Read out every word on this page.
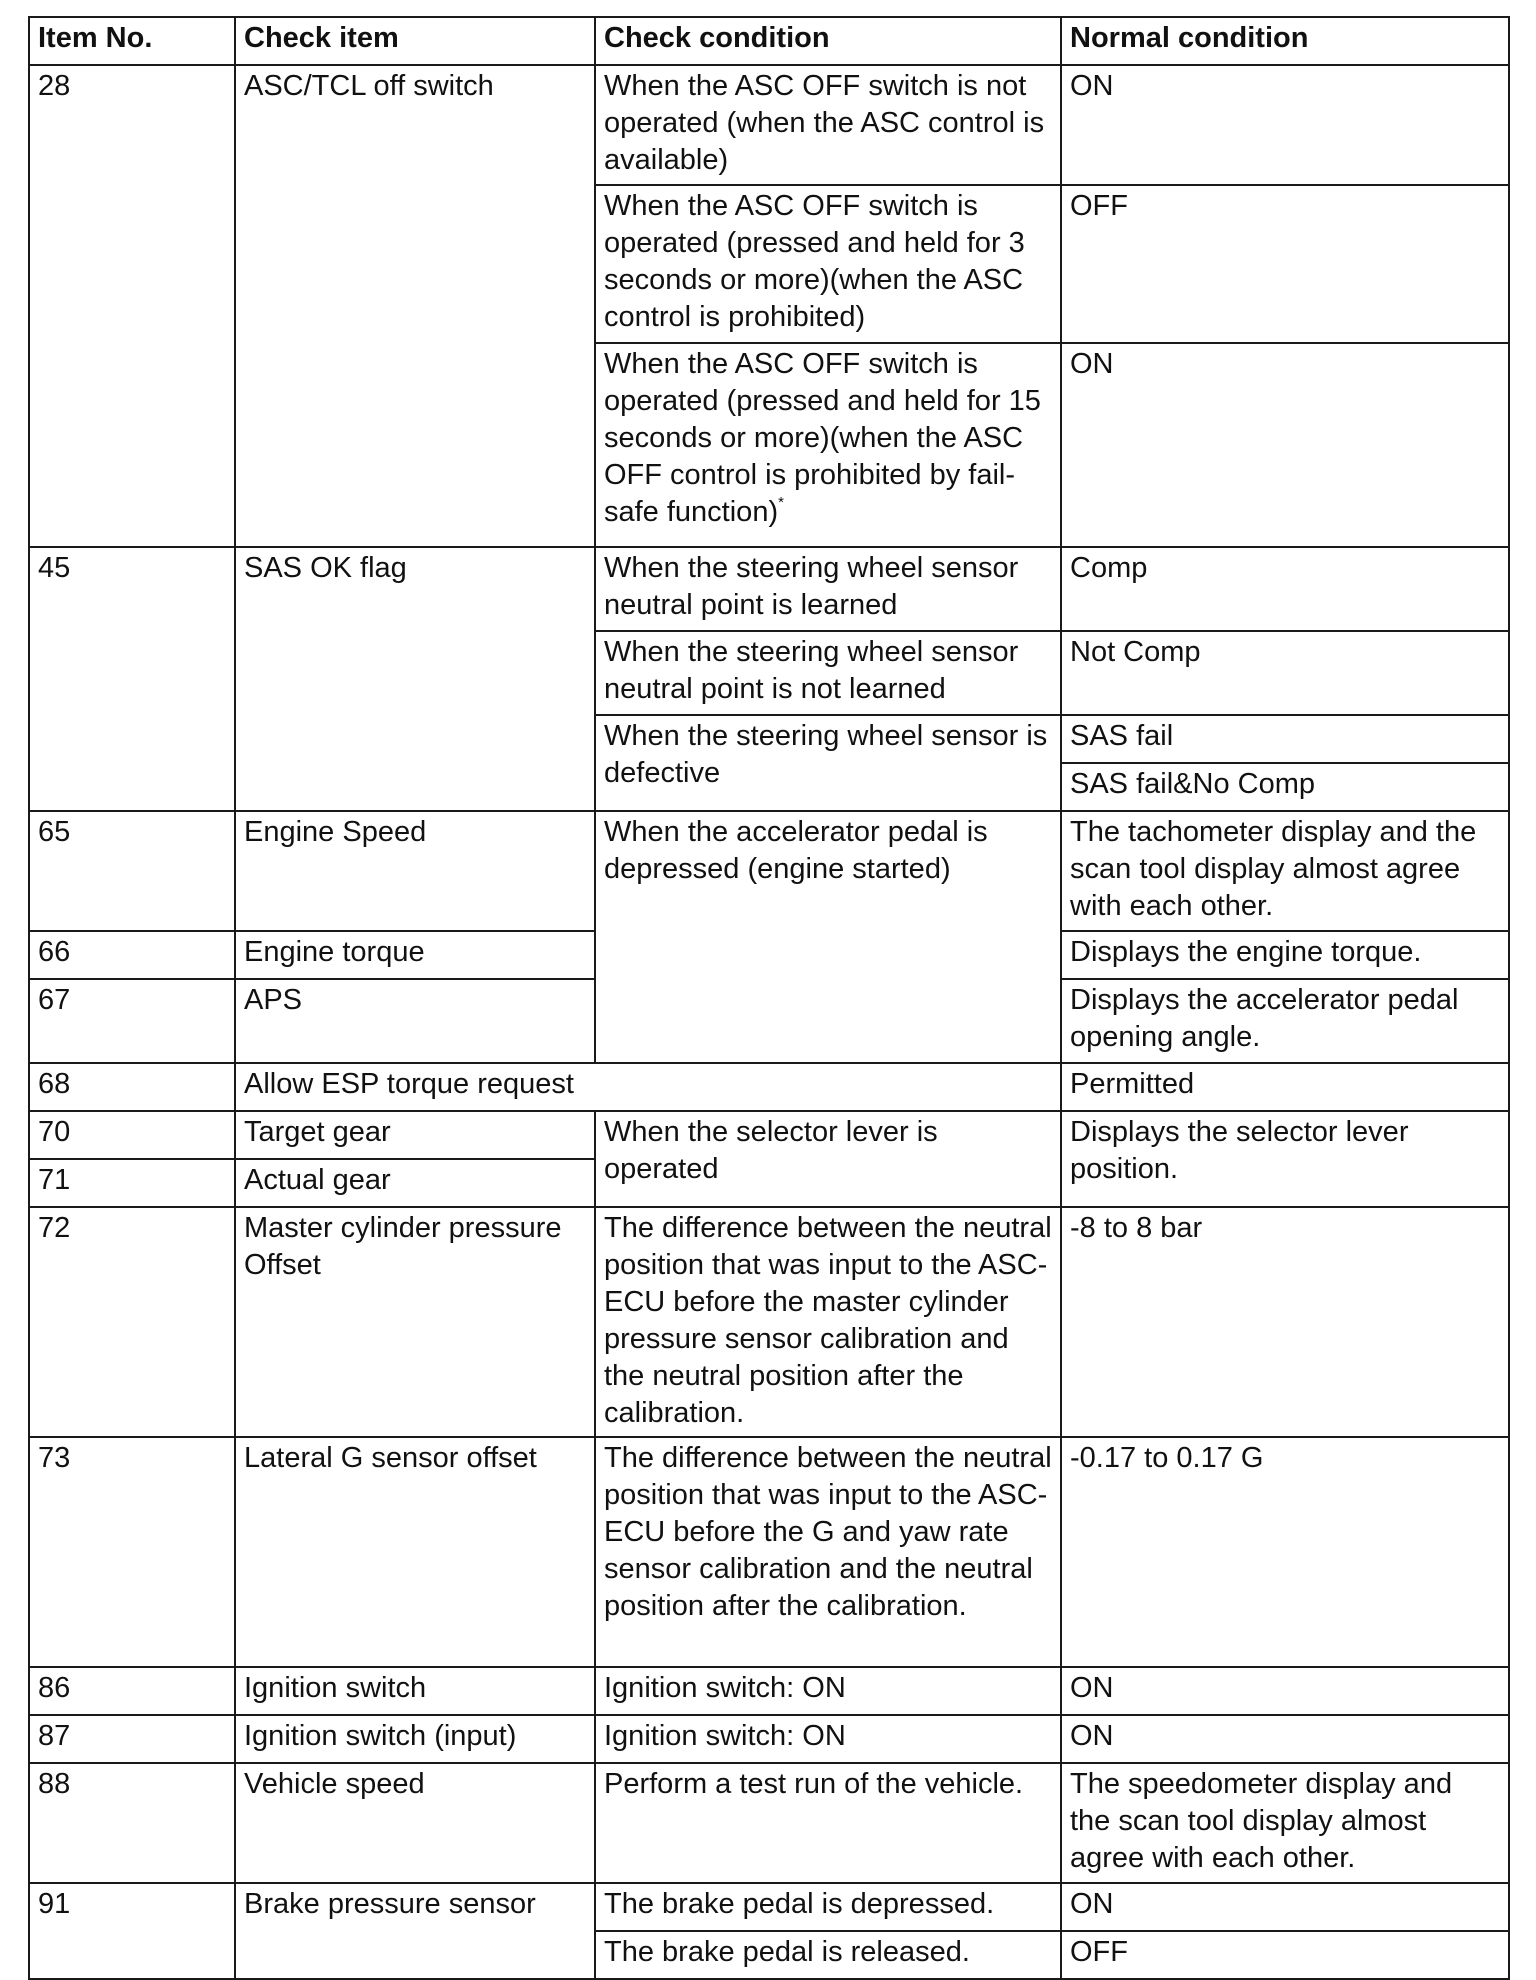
Item No.	Check item	Check condition	Normal condition
28	ASC/TCL off switch	When the ASC OFF switch is not operated (when the ASC control is available)	ON
		When the ASC OFF switch is operated (pressed and held for 3 seconds or more)(when the ASC control is prohibited)	OFF
		When the ASC OFF switch is operated (pressed and held for 15 seconds or more)(when the ASC OFF control is prohibited by fail-safe function)*	ON
45	SAS OK flag	When the steering wheel sensor neutral point is learned	Comp
		When the steering wheel sensor neutral point is not learned	Not Comp
		When the steering wheel sensor is defective	SAS fail
			SAS fail&No Comp
65	Engine Speed	When the accelerator pedal is depressed (engine started)	The tachometer display and the scan tool display almost agree with each other.
66	Engine torque		Displays the engine torque.
67	APS		Displays the accelerator pedal opening angle.
68	Allow ESP torque request		Permitted
70	Target gear	When the selector lever is operated	Displays the selector lever position.
71	Actual gear		
72	Master cylinder pressure Offset	The difference between the neutral position that was input to the ASC-ECU before the master cylinder pressure sensor calibration and the neutral position after the calibration.	-8 to 8 bar
73	Lateral G sensor offset	The difference between the neutral position that was input to the ASC-ECU before the G and yaw rate sensor calibration and the neutral position after the calibration.	-0.17 to 0.17 G
86	Ignition switch	Ignition switch: ON	ON
87	Ignition switch (input)	Ignition switch: ON	ON
88	Vehicle speed	Perform a test run of the vehicle.	The speedometer display and the scan tool display almost agree with each other.
91	Brake pressure sensor	The brake pedal is depressed.	ON
		The brake pedal is released.	OFF
